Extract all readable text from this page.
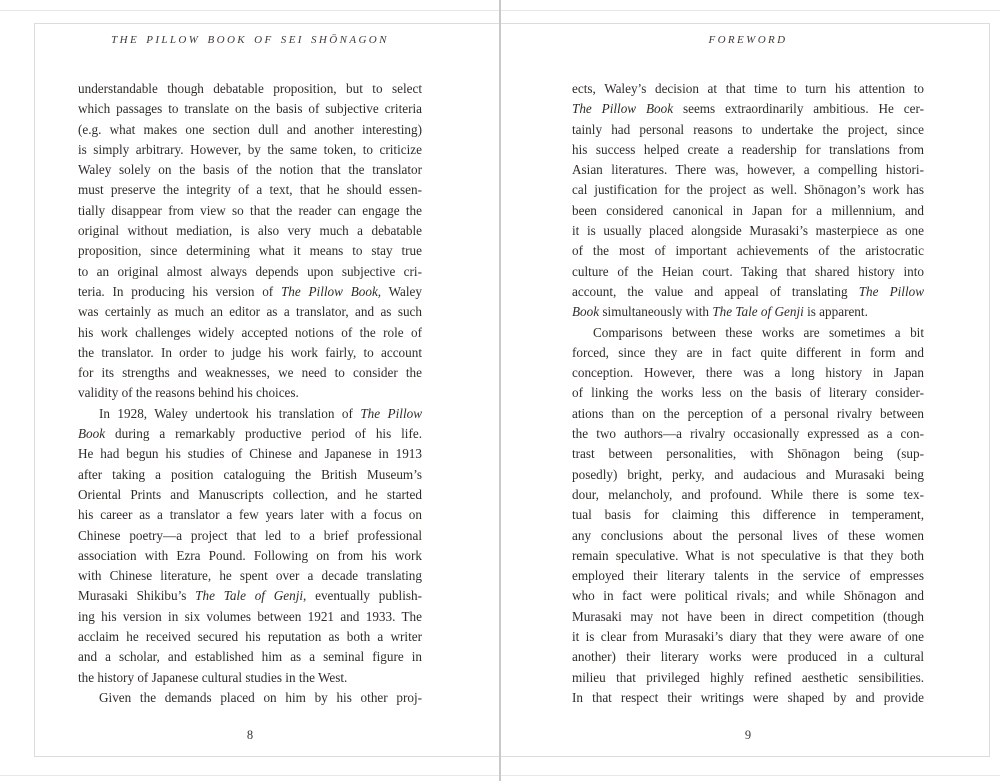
THE PILLOW BOOK OF SEI SHŌNAGON	FOREWORD
understandable though debatable proposition, but to select
which passages to translate on the basis of subjective criteria
(e.g. what makes one section dull and another interesting)
is simply arbitrary. However, by the same token, to criticize
Waley solely on the basis of the notion that the translator
must preserve the integrity of a text, that he should essen-
tially disappear from view so that the reader can engage the
original without mediation, is also very much a debatable
proposition, since determining what it means to stay true
to an original almost always depends upon subjective cri-
teria. In producing his version of The Pillow Book, Waley
was certainly as much an editor as a translator, and as such
his work challenges widely accepted notions of the role of
the translator. In order to judge his work fairly, to account
for its strengths and weaknesses, we need to consider the
validity of the reasons behind his choices.
In 1928, Waley undertook his translation of The Pillow
Book during a remarkably productive period of his life.
He had begun his studies of Chinese and Japanese in 1913
after taking a position cataloguing the British Museum’s
Oriental Prints and Manuscripts collection, and he started
his career as a translator a few years later with a focus on
Chinese poetry—a project that led to a brief professional
association with Ezra Pound. Following on from his work
with Chinese literature, he spent over a decade translating
Murasaki Shikibu’s The Tale of Genji, eventually publish-
ing his version in six volumes between 1921 and 1933. The
acclaim he received secured his reputation as both a writer
and a scholar, and established him as a seminal figure in
the history of Japanese cultural studies in the West.
Given the demands placed on him by his other proj-
ects, Waley’s decision at that time to turn his attention to
The Pillow Book seems extraordinarily ambitious. He cer-
tainly had personal reasons to undertake the project, since
his success helped create a readership for translations from
Asian literatures. There was, however, a compelling histori-
cal justification for the project as well. Shōnagon’s work has
been considered canonical in Japan for a millennium, and
it is usually placed alongside Murasaki’s masterpiece as one
of the most of important achievements of the aristocratic
culture of the Heian court. Taking that shared history into
account, the value and appeal of translating The Pillow
Book simultaneously with The Tale of Genji is apparent.
Comparisons between these works are sometimes a bit
forced, since they are in fact quite different in form and
conception. However, there was a long history in Japan
of linking the works less on the basis of literary consider-
ations than on the perception of a personal rivalry between
the two authors—a rivalry occasionally expressed as a con-
trast between personalities, with Shōnagon being (sup-
posedly) bright, perky, and audacious and Murasaki being
dour, melancholy, and profound. While there is some tex-
tual basis for claiming this difference in temperament,
any conclusions about the personal lives of these women
remain speculative. What is not speculative is that they both
employed their literary talents in the service of empresses
who in fact were political rivals; and while Shōnagon and
Murasaki may not have been in direct competition (though
it is clear from Murasaki’s diary that they were aware of one
another) their literary works were produced in a cultural
milieu that privileged highly refined aesthetic sensibilities.
In that respect their writings were shaped by and provide
8	9
